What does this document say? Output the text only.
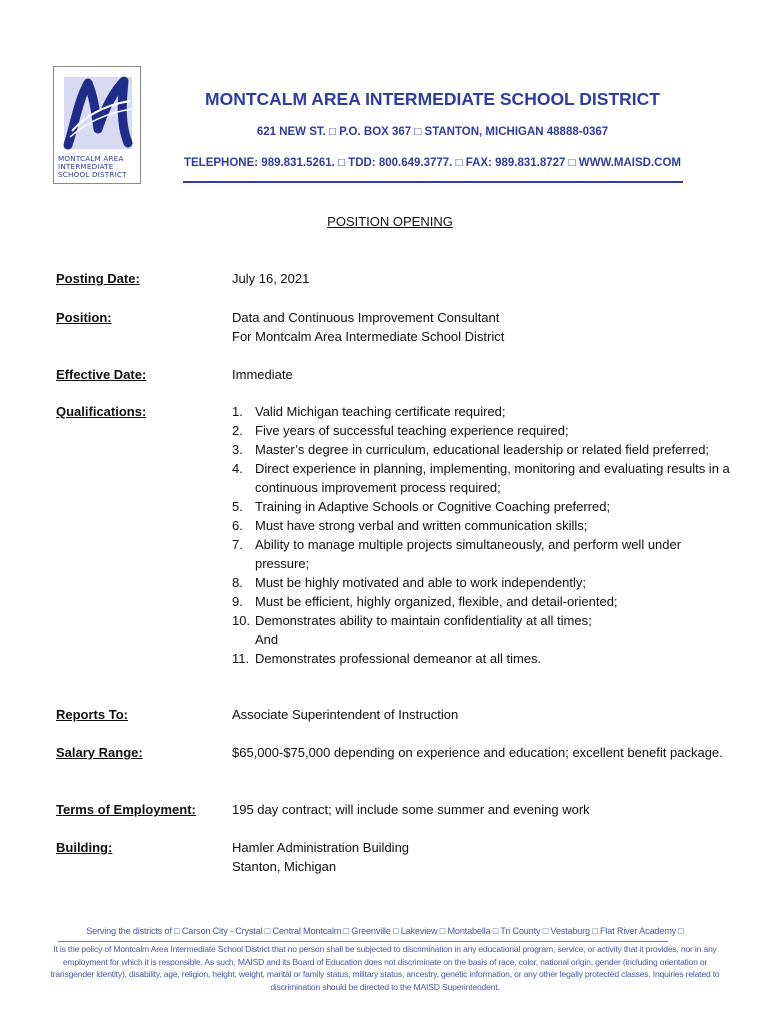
MONTCALM AREA
INTERMEDIATE
SCHOOL DISTRICT
MONTCALM AREA INTERMEDIATE SCHOOL DISTRICT
621 NEW ST. □ P.O. BOX 367 □ STANTON, MICHIGAN 48888-0367
TELEPHONE: 989.831.5261. □ TDD: 800.649.3777. □ FAX: 989.831.8727 □ WWW.MAISD.COM
POSITION OPENING
Posting Date:	July 16, 2021
Position:	Data and Continuous Improvement Consultant
For Montcalm Area Intermediate School District
Effective Date:	Immediate
Qualifications:	1. Valid Michigan teaching certificate required;
2. Five years of successful teaching experience required;
3. Master’s degree in curriculum, educational leadership or related field preferred;
4. Direct experience in planning, implementing, monitoring and evaluating results in a continuous improvement process required;
5. Training in Adaptive Schools or Cognitive Coaching preferred;
6. Must have strong verbal and written communication skills;
7. Ability to manage multiple projects simultaneously, and perform well under pressure;
8. Must be highly motivated and able to work independently;
9. Must be efficient, highly organized, flexible, and detail-oriented;
10. Demonstrates ability to maintain confidentiality at all times;
And
11. Demonstrates professional demeanor at all times.
Reports To:	Associate Superintendent of Instruction
Salary Range:	$65,000-$75,000 depending on experience and education; excellent benefit package.
Terms of Employment:	195 day contract; will include some summer and evening work
Building:	Hamler Administration Building
Stanton, Michigan
Serving the districts of □ Carson City - Crystal □ Central Montcalm □ Greenville □ Lakeview □ Montabella □ Tri County □ Vestaburg □ Flat River Academy □
It is the policy of Montcalm Area Intermediate School District that no person shall be subjected to discrimination in any educational program, service, or activity that it provides, nor in any employment for which it is responsible. As such, MAISD and its Board of Education does not discriminate on the basis of race, color, national origin, gender (including orientation or transgender identity), disability, age, religion, height, weight, marital or family status, military status, ancestry, genetic information, or any other legally protected classes. Inquiries related to discrimination should be directed to the MAISD Superintendent.
